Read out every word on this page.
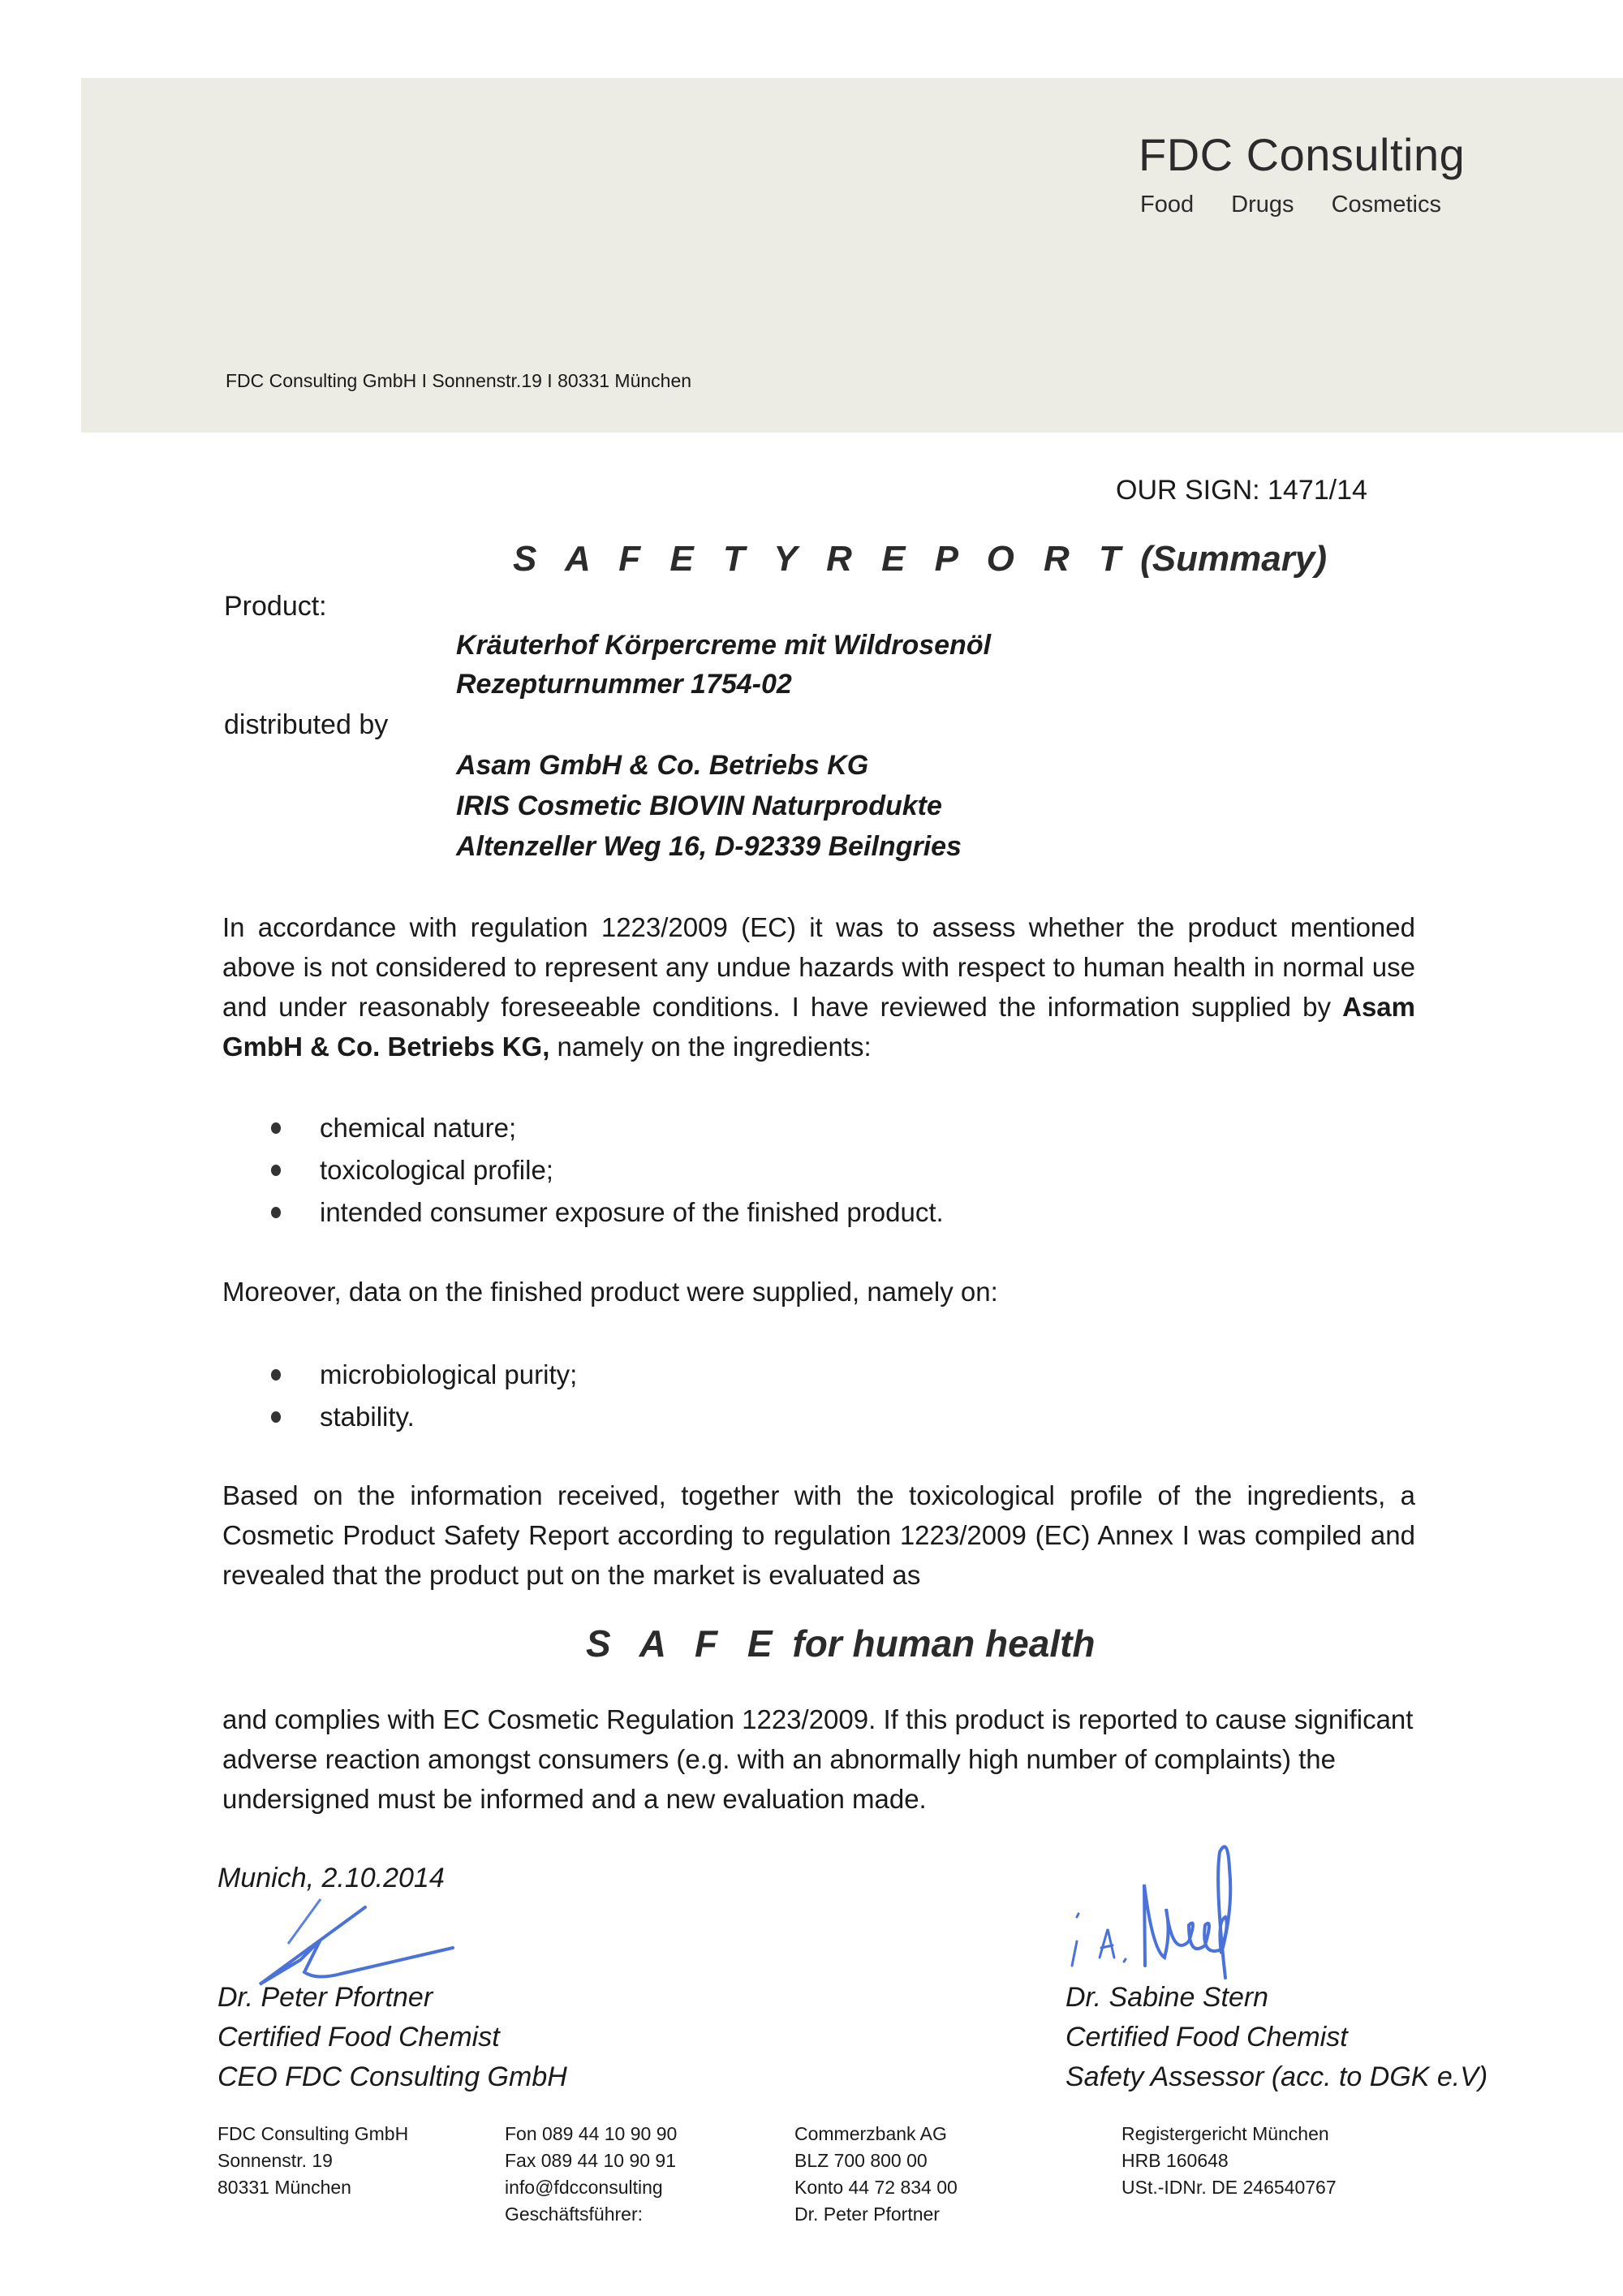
FDC Consulting
Food Drugs Cosmetics
FDC Consulting GmbH I Sonnenstr.19 I 80331 München
OUR SIGN: 1471/14
S A F E T Y R E P O R T (Summary)
Product:
Kräuterhof Körpercreme mit Wildrosenöl
Rezepturnummer 1754-02
distributed by
Asam GmbH & Co. Betriebs KG
IRIS Cosmetic BIOVIN Naturprodukte
Altenzeller Weg 16, D-92339 Beilngries
In accordance with regulation 1223/2009 (EC) it was to assess whether the product mentioned above is not considered to represent any undue hazards with respect to human health in normal use and under reasonably foreseeable conditions. I have reviewed the information supplied by Asam GmbH & Co. Betriebs KG, namely on the ingredients:
chemical nature;
toxicological profile;
intended consumer exposure of the finished product.
Moreover, data on the finished product were supplied, namely on:
microbiological purity;
stability.
Based on the information received, together with the toxicological profile of the ingredients, a Cosmetic Product Safety Report according to regulation 1223/2009 (EC) Annex I was compiled and revealed that the product put on the market is evaluated as
S A F E for human health
and complies with EC Cosmetic Regulation 1223/2009. If this product is reported to cause significant adverse reaction amongst consumers (e.g. with an abnormally high number of complaints) the undersigned must be informed and a new evaluation made.
Munich, 2.10.2014
Dr. Peter Pfortner
Certified Food Chemist
CEO FDC Consulting GmbH
Dr. Sabine Stern
Certified Food Chemist
Safety Assessor (acc. to DGK e.V)
FDC Consulting GmbH
Sonnenstr. 19
80331 München
Fon 089 44 10 90 90
Fax 089 44 10 90 91
info@fdcconsulting
Geschäftsführer:
Commerzbank AG
BLZ 700 800 00
Konto 44 72 834 00
Dr. Peter Pfortner
Registergericht München
HRB 160648
USt.-IDNr. DE 246540767
